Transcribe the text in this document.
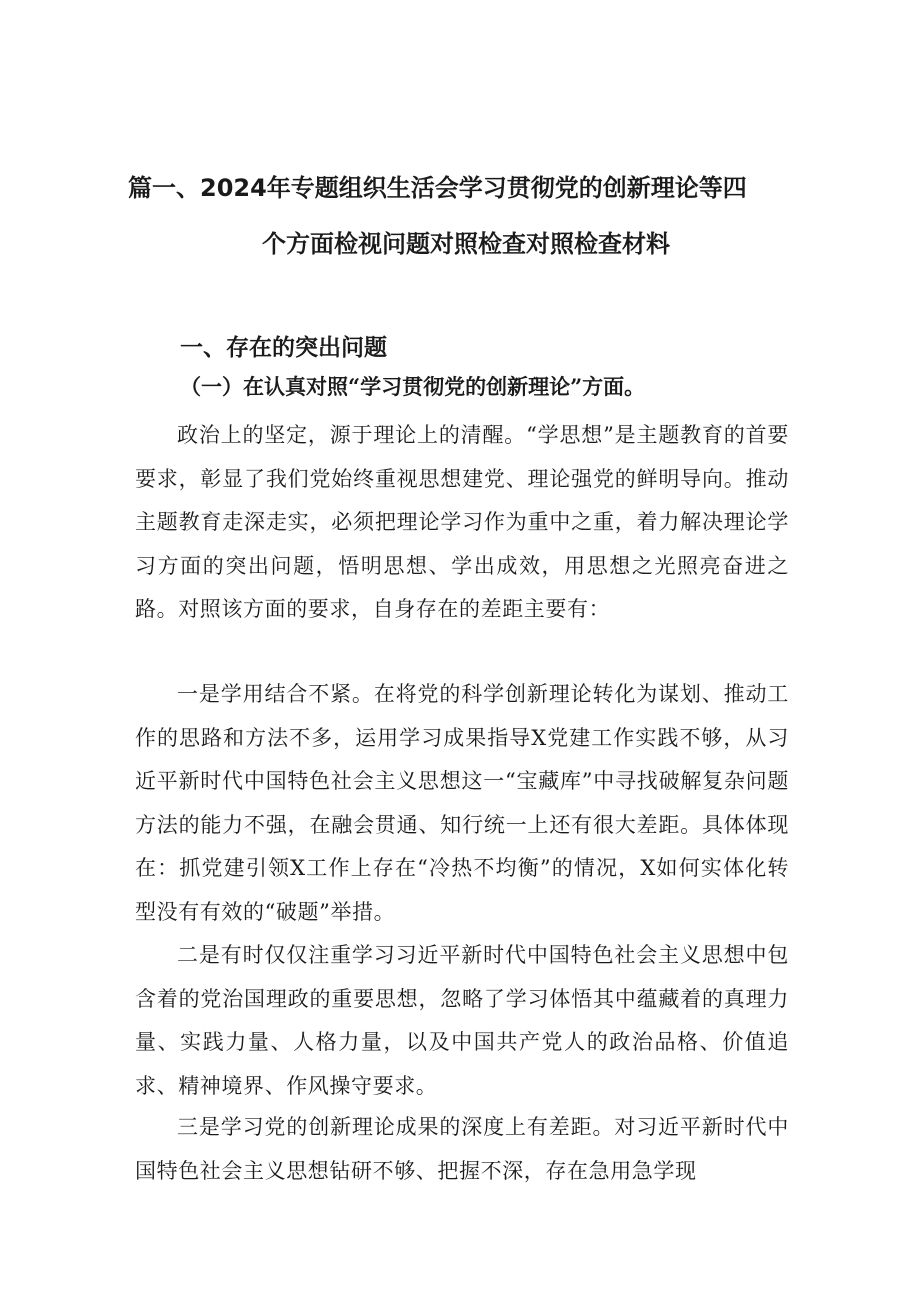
篇一、2024年专题组织生活会学习贯彻党的创新理论等四
个方面检视问题对照检查对照检查材料
一、存在的突出问题
（一）在认真对照“学习贯彻党的创新理论”方面。

政治上的坚定，源于理论上的清醒。“学思想”是主题教育的首要要求，彰显了我们党始终重视思想建党、理论强党的鲜明导向。推动主题教育走深走实，必须把理论学习作为重中之重，着力解决理论学习方面的突出问题，悟明思想、学出成效，用思想之光照亮奋进之路。对照该方面的要求，自身存在的差距主要有：

一是学用结合不紧。在将党的科学创新理论转化为谋划、推动工作的思路和方法不多，运用学习成果指导X党建工作实践不够，从习近平新时代中国特色社会主义思想这一“宝藏库”中寻找破解复杂问题方法的能力不强，在融会贯通、知行统一上还有很大差距。具体体现在：抓党建引领X工作上存在“冷热不均衡”的情况，X如何实体化转型没有有效的“破题”举措。

二是有时仅仅注重学习习近平新时代中国特色社会主义思想中包含着的党治国理政的重要思想，忽略了学习体悟其中蕴藏着的真理力量、实践力量、人格力量，以及中国共产党人的政治品格、价值追求、精神境界、作风操守要求。

三是学习党的创新理论成果的深度上有差距。对习近平新时代中国特色社会主义思想钻研不够、把握不深，存在急用急学现
